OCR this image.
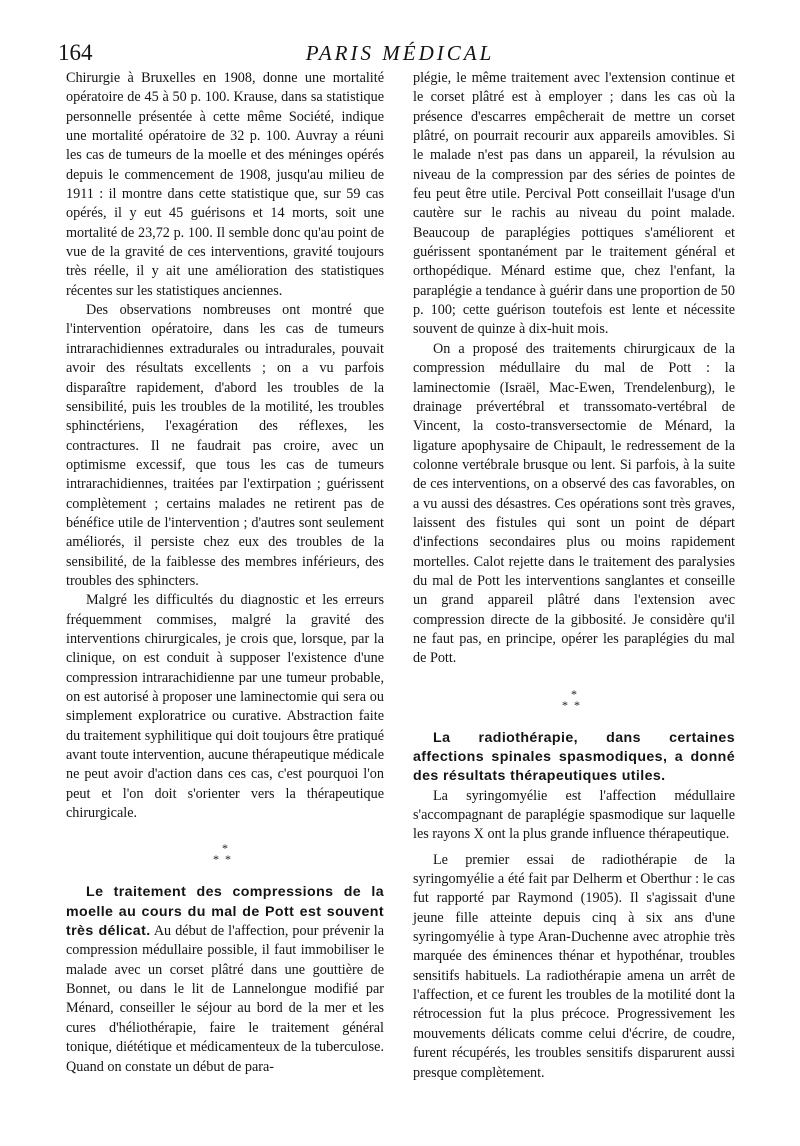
164	PARIS MÉDICAL

Chirurgie à Bruxelles en 1908, donne une mortalité opératoire de 45 à 50 p. 100. Krause, dans sa statistique personnelle présentée à cette même Société, indique une mortalité opératoire de 32 p. 100. Auvray a réuni les cas de tumeurs de la moelle et des méninges opérés depuis le commencement de 1908, jusqu'au milieu de 1911 : il montre dans cette statistique que, sur 59 cas opérés, il y eut 45 guérisons et 14 morts, soit une mortalité de 23,72 p. 100. Il semble donc qu'au point de vue de la gravité de ces interventions, gravité toujours très réelle, il y ait une amélioration des statistiques récentes sur les statistiques anciennes.

Des observations nombreuses ont montré que l'intervention opératoire, dans les cas de tumeurs intrarachidiennes extradurales ou intradurales, pouvait avoir des résultats excellents ; on a vu parfois disparaître rapidement, d'abord les troubles de la sensibilité, puis les troubles de la motilité, les troubles sphinctériens, l'exagération des réflexes, les contractures. Il ne faudrait pas croire, avec un optimisme excessif, que tous les cas de tumeurs intrarachidiennes, traitées par l'extirpation ; guérissent complètement ; certains malades ne retirent pas de bénéfice utile de l'intervention ; d'autres sont seulement améliorés, il persiste chez eux des troubles de la sensibilité, de la faiblesse des membres inférieurs, des troubles des sphincters.

Malgré les difficultés du diagnostic et les erreurs fréquemment commises, malgré la gravité des interventions chirurgicales, je crois que, lorsque, par la clinique, on est conduit à supposer l'existence d'une compression intrarachidienne par une tumeur probable, on est autorisé à proposer une laminectomie qui sera ou simplement exploratrice ou curative. Abstraction faite du traitement syphilitique qui doit toujours être pratiqué avant toute intervention, aucune thérapeutique médicale ne peut avoir d'action dans ces cas, c'est pourquoi l'on peut et l'on doit s'orienter vers la thérapeutique chirurgicale.

*
**

Le traitement des compressions de la moelle au cours du mal de Pott est souvent très délicat. Au début de l'affection, pour prévenir la compression médullaire possible, il faut immobiliser le malade avec un corset plâtré dans une gouttière de Bonnet, ou dans le lit de Lannelongue modifié par Ménard, conseiller le séjour au bord de la mer et les cures d'héliothérapie, faire le traitement général tonique, diététique et médicamenteux de la tuberculose. Quand on constate un début de para-

plégie, le même traitement avec l'extension continue et le corset plâtré est à employer ; dans les cas où la présence d'escarres empêcherait de mettre un corset plâtré, on pourrait recourir aux appareils amovibles. Si le malade n'est pas dans un appareil, la révulsion au niveau de la compression par des séries de pointes de feu peut être utile. Percival Pott conseillait l'usage d'un cautère sur le rachis au niveau du point malade. Beaucoup de paraplégies pottiques s'améliorent et guérissent spontanément par le traitement général et orthopédique. Ménard estime que, chez l'enfant, la paraplégie a tendance à guérir dans une proportion de 50 p. 100; cette guérison toutefois est lente et nécessite souvent de quinze à dix-huit mois.

On a proposé des traitements chirurgicaux de la compression médullaire du mal de Pott : la laminectomie (Israël, Mac-Ewen, Trendelenburg), le drainage prévertébral et transsomato-vertébral de Vincent, la costo-transversectomie de Ménard, la ligature apophysaire de Chipault, le redressement de la colonne vertébrale brusque ou lent. Si parfois, à la suite de ces interventions, on a observé des cas favorables, on a vu aussi des désastres. Ces opérations sont très graves, laissent des fistules qui sont un point de départ d'infections secondaires plus ou moins rapidement mortelles. Calot rejette dans le traitement des paralysies du mal de Pott les interventions sanglantes et conseille un grand appareil plâtré dans l'extension avec compression directe de la gibbosité. Je considère qu'il ne faut pas, en principe, opérer les paraplégies du mal de Pott.

*
**

La radiothérapie, dans certaines affections spinales spasmodiques, a donné des résultats thérapeutiques utiles.

La syringomyélie est l'affection médullaire s'accompagnant de paraplégie spasmodique sur laquelle les rayons X ont la plus grande influence thérapeutique.

Le premier essai de radiothérapie de la syringomyélie a été fait par Delherm et Oberthur : le cas fut rapporté par Raymond (1905). Il s'agissait d'une jeune fille atteinte depuis cinq à six ans d'une syringomyélie à type Aran-Duchenne avec atrophie très marquée des éminences thénar et hypothénar, troubles sensitifs habituels. La radiothérapie amena un arrêt de l'affection, et ce furent les troubles de la motilité dont la rétrocession fut la plus précoce. Progressivement les mouvements délicats comme celui d'écrire, de coudre, furent récupérés, les troubles sensitifs disparurent aussi presque complètement.
